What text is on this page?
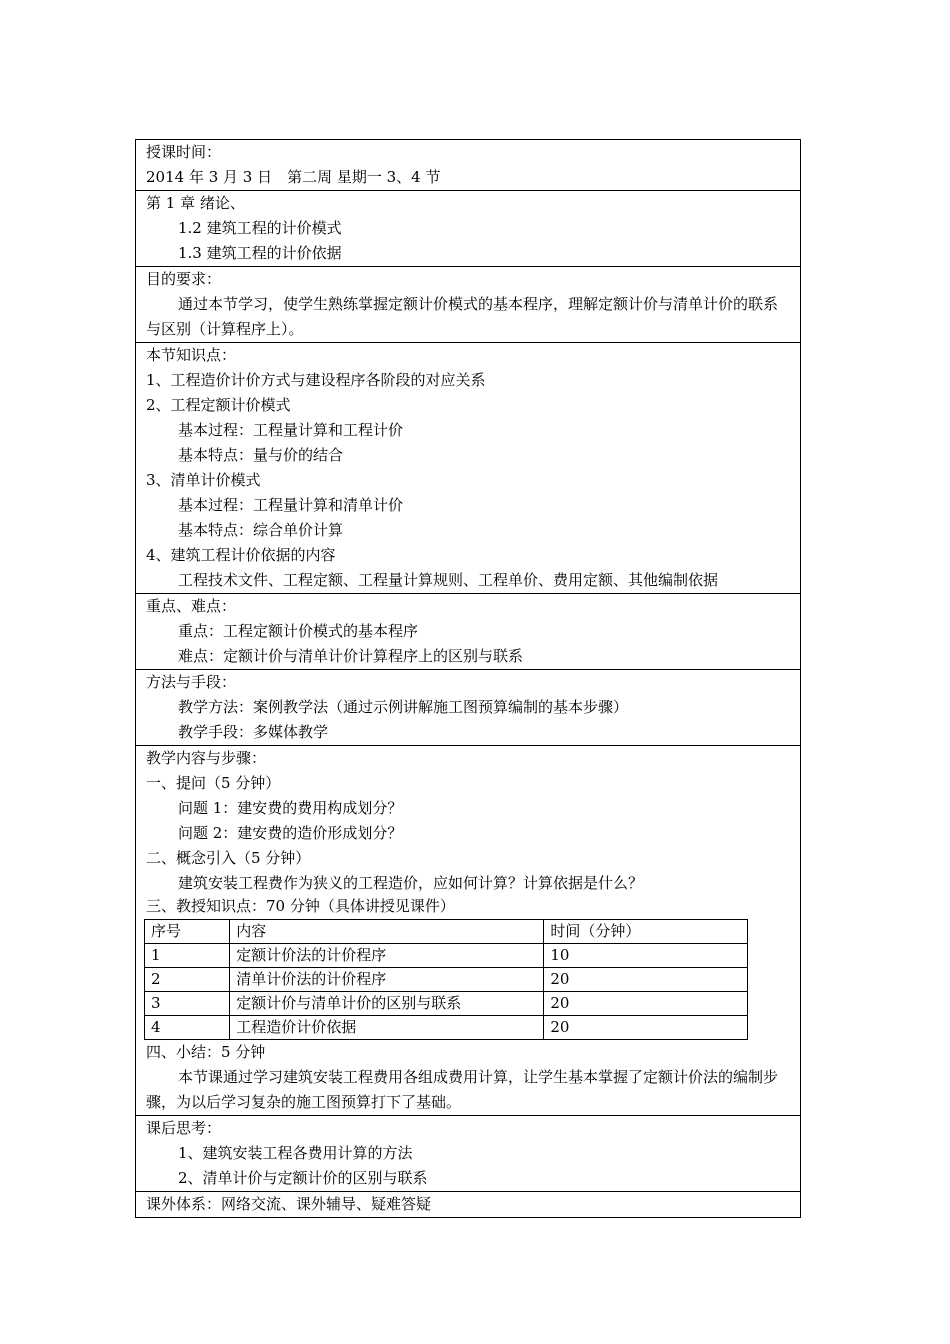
授课时间：
2014 年 3 月 3 日　第二周 星期一 3、4 节
第 1 章 绪论、
1.2 建筑工程的计价模式
1.3 建筑工程的计价依据
目的要求：
通过本节学习，使学生熟练掌握定额计价模式的基本程序，理解定额计价与清单计价的联系与区别（计算程序上）。
本节知识点：
1、工程造价计价方式与建设程序各阶段的对应关系
2、工程定额计价模式
基本过程：工程量计算和工程计价
基本特点：量与价的结合
3、清单计价模式
基本过程：工程量计算和清单计价
基本特点：综合单价计算
4、建筑工程计价依据的内容
工程技术文件、工程定额、工程量计算规则、工程单价、费用定额、其他编制依据
重点、难点：
重点：工程定额计价模式的基本程序
难点：定额计价与清单计价计算程序上的区别与联系
方法与手段：
教学方法：案例教学法（通过示例讲解施工图预算编制的基本步骤）
教学手段：多媒体教学
教学内容与步骤：
一、提问（5 分钟）
问题 1：建安费的费用构成划分？
问题 2：建安费的造价形成划分？
二、概念引入（5 分钟）
建筑安装工程费作为狭义的工程造价，应如何计算？计算依据是什么？
三、教授知识点：70 分钟（具体讲授见课件）
序号	内容	时间（分钟）
1	定额计价法的计价程序	10
2	清单计价法的计价程序	20
3	定额计价与清单计价的区别与联系	20
4	工程造价计价依据	20
四、小结：5 分钟
本节课通过学习建筑安装工程费用各组成费用计算，让学生基本掌握了定额计价法的编制步骤，为以后学习复杂的施工图预算打下了基础。
课后思考：
1、建筑安装工程各费用计算的方法
2、清单计价与定额计价的区别与联系
课外体系：网络交流、课外辅导、疑难答疑
